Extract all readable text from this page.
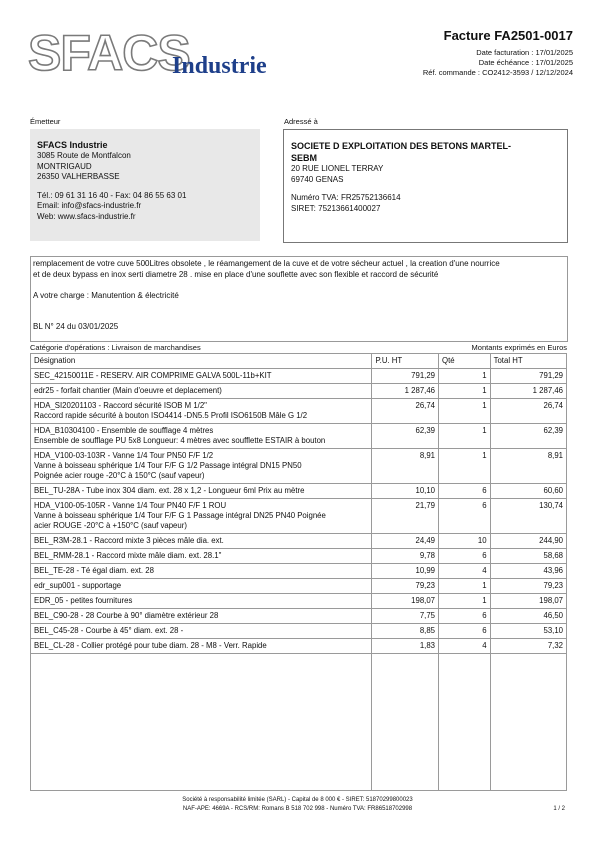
SFACS
Industrie
Facture FA2501-0017
Date facturation : 17/01/2025
Date échéance : 17/01/2025
Réf. commande : CO2412-3593 / 12/12/2024
Émetteur	Adressé à
SFACS Industrie
3085 Route de Montfalcon
MONTRIGAUD
26350 VALHERBASSE
Tél.: 09 61 31 16 40 - Fax: 04 86 55 63 01
Email: info@sfacs-industrie.fr
Web: www.sfacs-industrie.fr
SOCIETE D EXPLOITATION DES BETONS MARTEL-
SEBM
20 RUE LIONEL TERRAY
69740 GENAS
Numéro TVA: FR25752136614
SIRET: 75213661400027
remplacement de votre cuve 500Litres obsolete , le réamangement de la cuve et de votre sécheur actuel , la creation d'une nourrice
et de deux bypass en inox serti diametre 28 . mise en place d'une souflette avec son flexible et raccord de sécurité
A votre charge : Manutention & électricité
BL N° 24 du 03/01/2025
Catégorie d'opérations : Livraison de marchandises	Montants exprimés en Euros
Désignation	P.U. HT	Qté	Total HT
SEC_42150011E - RESERV. AIR COMPRIME GALVA 500L-11b+KIT	791,29	1	791,29
edr25 - forfait chantier (Main d'oeuvre et deplacement)	1 287,46	1	1 287,46
HDA_SI20201103 - Raccord sécurité ISOB M 1/2"
Raccord rapide sécurité à bouton ISO4414 -DN5.5 Profil ISO6150B Mâle G 1/2	26,74	1	26,74
HDA_B10304100 - Ensemble de soufflage 4 mètres
Ensemble de soufflage PU 5x8 Longueur: 4 mètres avec soufflette ESTAIR à bouton	62,39	1	62,39
HDA_V100-03-103R - Vanne 1/4 Tour PN50 F/F 1/2
Vanne à boisseau sphérique 1/4 Tour F/F G 1/2 Passage intégral DN15 PN50
Poignée acier rouge -20°C à 150°C (sauf vapeur)	8,91	1	8,91
BEL_TU-28A - Tube inox 304 diam. ext. 28 x 1,2 - Longueur 6ml Prix au mètre	10,10	6	60,60
HDA_V100-05-105R - Vanne 1/4 Tour PN40 F/F 1 ROU
Vanne à boisseau sphérique 1/4 Tour F/F G 1 Passage intégral DN25 PN40 Poignée
acier ROUGE -20°C à +150°C (sauf vapeur)	21,79	6	130,74
BEL_R3M-28.1 - Raccord mixte 3 pièces mâle dia. ext.	24,49	10	244,90
BEL_RMM-28.1 - Raccord mixte mâle diam. ext. 28.1"	9,78	6	58,68
BEL_TE-28 - Té égal diam. ext. 28	10,99	4	43,96
edr_sup001 - supportage	79,23	1	79,23
EDR_05 - petites fournitures	198,07	1	198,07
BEL_C90-28 - 28 Courbe à 90° diamètre extérieur 28	7,75	6	46,50
BEL_C45-28 - Courbe à 45° diam. ext. 28 -	8,85	6	53,10
BEL_CL-28 - Collier protégé pour tube diam. 28 - M8 - Verr. Rapide	1,83	4	7,32

Société à responsabilité limitée (SARL) - Capital de 8 000 € - SIRET: 51870299800023
NAF-APE: 4669A - RCS/RM: Romans B 518 702 998 - Numéro TVA: FR86518702998	1 / 2
